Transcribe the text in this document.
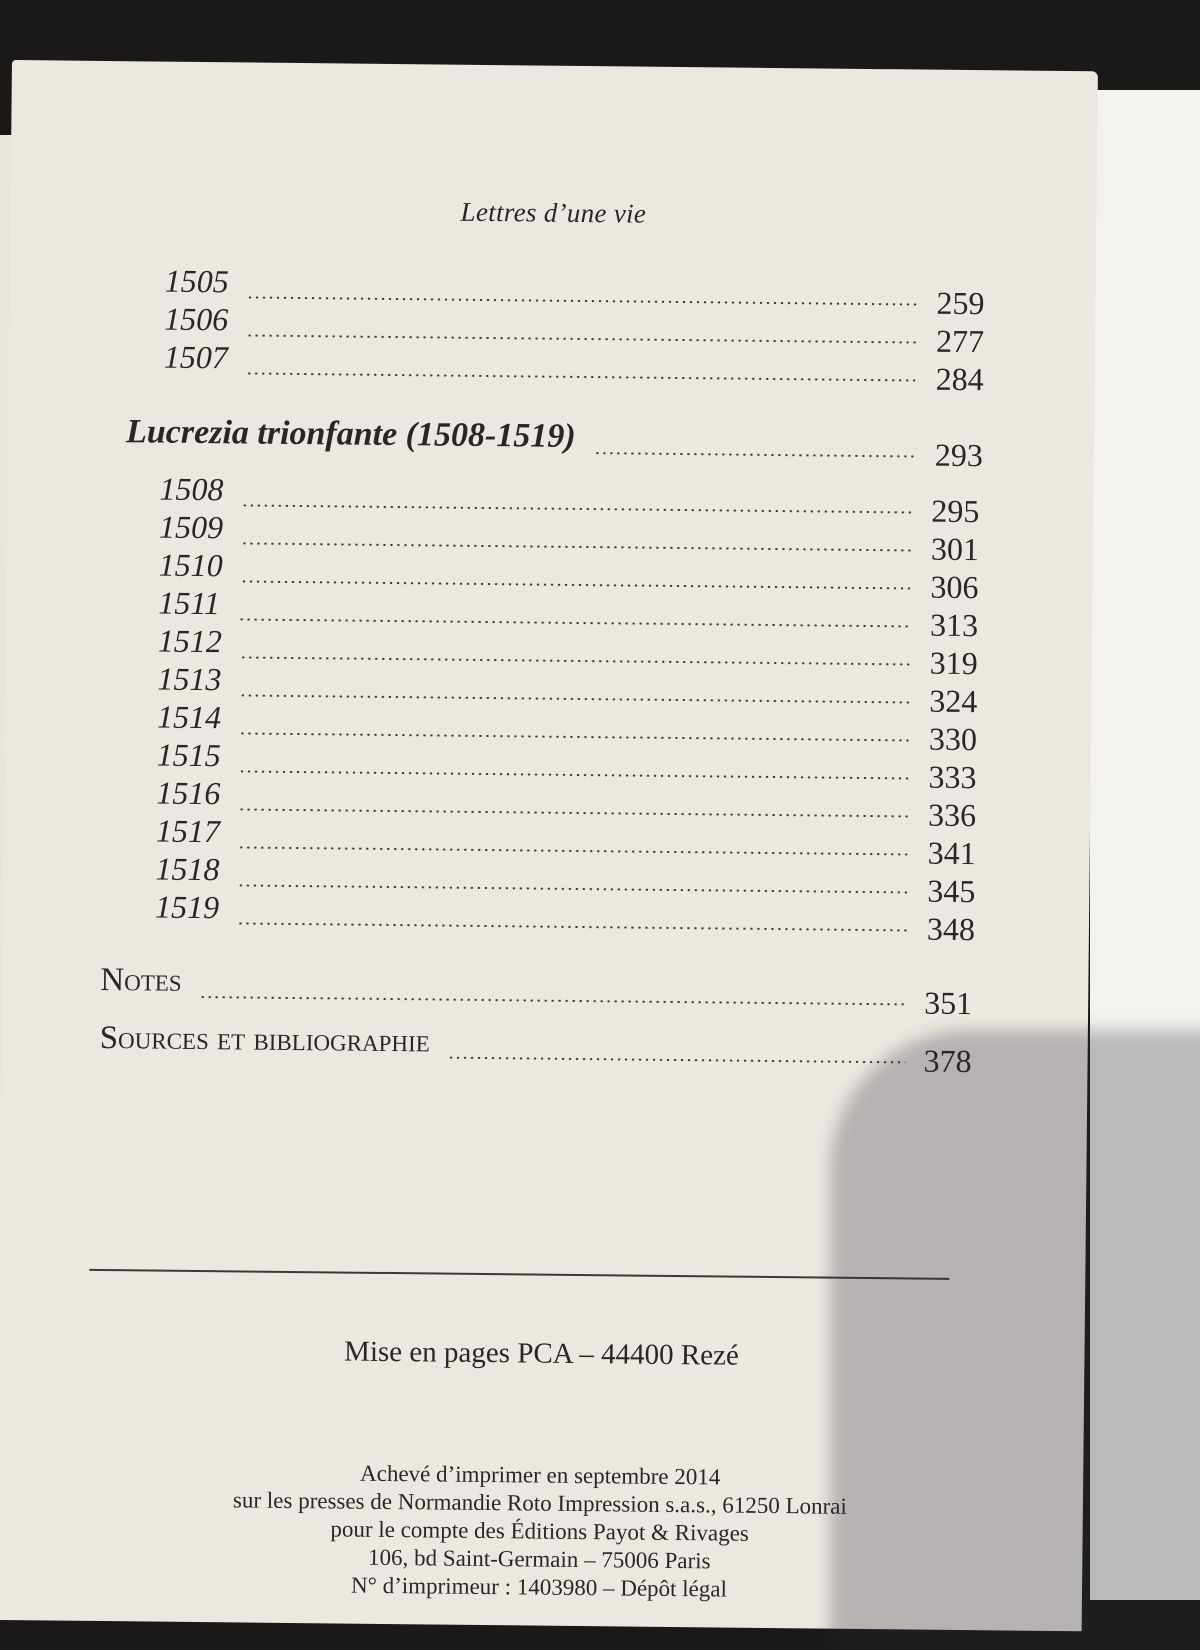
Lettres d’une vie
1505
259
1506
277
1507
284
Lucrezia trionfante (1508-1519)
293
1508
295
1509
301
1510
306
1511
313
1512
319
1513
324
1514
330
1515
333
1516
336
1517
341
1518
345
1519
348
Notes
351
Sources et bibliographie
378
Mise en pages PCA – 44400 Rezé
Achevé d’imprimer en septembre 2014
sur les presses de Normandie Roto Impression s.a.s., 61250 Lonrai
pour le compte des Éditions Payot & Rivages
106, bd Saint-Germain – 75006 Paris
N° d’imprimeur : 1403980 – Dépôt légal
